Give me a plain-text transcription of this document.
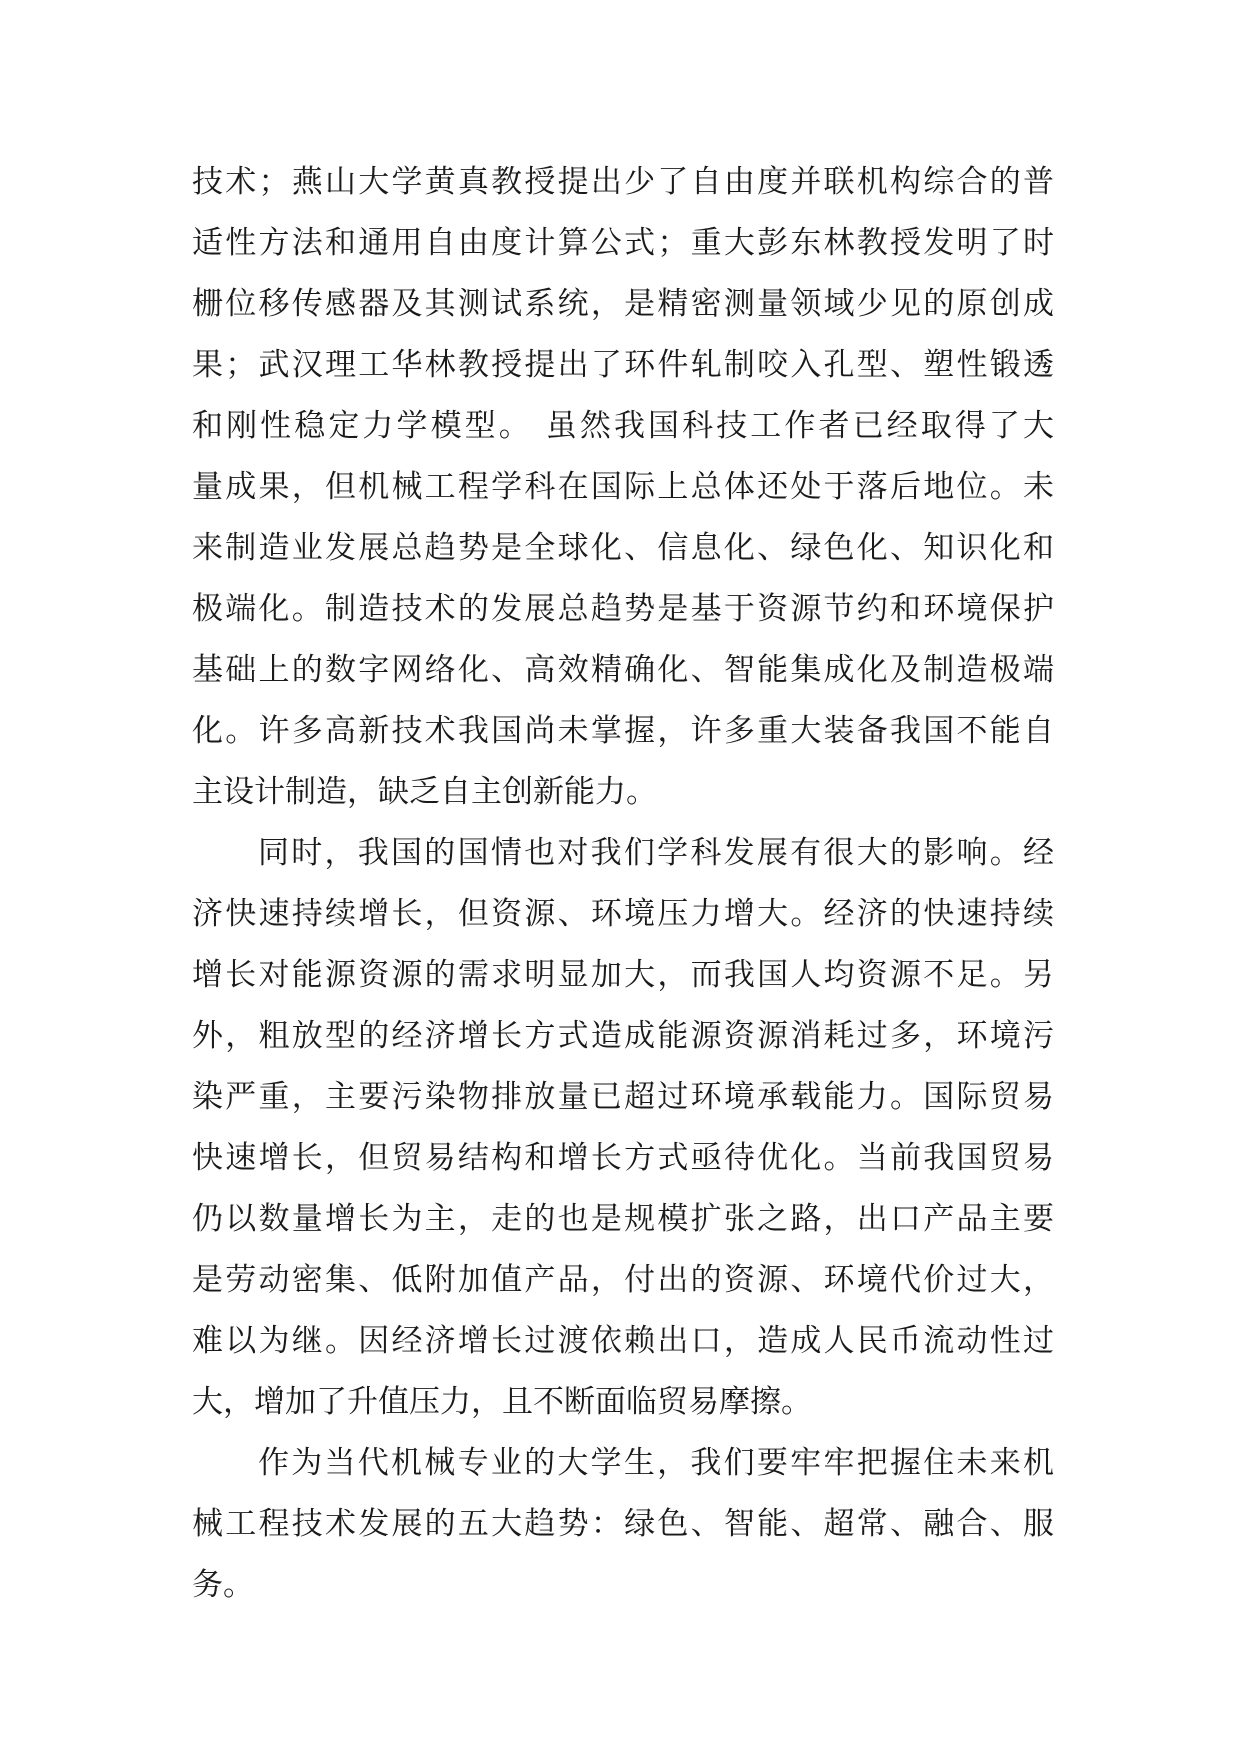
技术；燕山大学黄真教授提出少了自由度并联机构综合的普
适性方法和通用自由度计算公式；重大彭东林教授发明了时
栅位移传感器及其测试系统，是精密测量领域少见的原创成
果；武汉理工华林教授提出了环件轧制咬入孔型、塑性锻透
和刚性稳定力学模型。 虽然我国科技工作者已经取得了大
量成果，但机械工程学科在国际上总体还处于落后地位。未
来制造业发展总趋势是全球化、信息化、绿色化、知识化和
极端化。制造技术的发展总趋势是基于资源节约和环境保护
基础上的数字网络化、高效精确化、智能集成化及制造极端
化。许多高新技术我国尚未掌握，许多重大装备我国不能自
主设计制造，缺乏自主创新能力。
同时，我国的国情也对我们学科发展有很大的影响。经
济快速持续增长，但资源、环境压力增大。经济的快速持续
增长对能源资源的需求明显加大，而我国人均资源不足。另
外，粗放型的经济增长方式造成能源资源消耗过多，环境污
染严重，主要污染物排放量已超过环境承载能力。国际贸易
快速增长，但贸易结构和增长方式亟待优化。当前我国贸易
仍以数量增长为主，走的也是规模扩张之路，出口产品主要
是劳动密集、低附加值产品，付出的资源、环境代价过大，
难以为继。因经济增长过渡依赖出口，造成人民币流动性过
大，增加了升值压力，且不断面临贸易摩擦。
作为当代机械专业的大学生，我们要牢牢把握住未来机
械工程技术发展的五大趋势：绿色、智能、超常、融合、服
务。
